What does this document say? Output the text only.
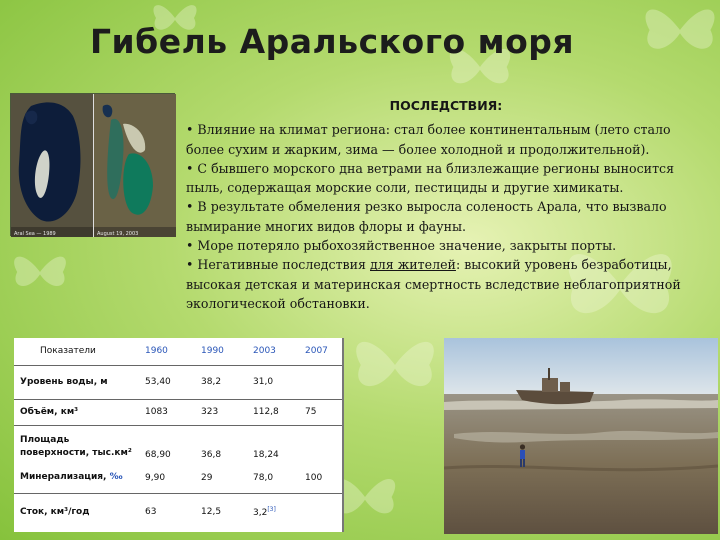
Гибель Аральского моря
Aral Sea — 1989	August 19, 2003
ПОСЛЕДСТВИЯ:

• Влияние на климат региона: стал более континентальным (лето стало более сухим и жарким, зима — более холодной и продолжительной).

• С бывшего морского дна ветрами на близлежащие регионы выносится пыль, содержащая морские соли, пестициды и другие химикаты.

• В результате обмеления резко выросла соленость Арала, что вызвало вымирание многих видов флоры и фауны.

• Море потеряло рыбохозяйственное значение, закрыты порты.

• Негативные последствия для жителей: высокий уровень безработицы, высокая детская и материнская смертность вследствие неблагоприятной экологической обстановки.

Показатели	1960	1990	2003	2007
Уровень воды, м	53,40	38,2	31,0	
Объём, км³	1083	323	112,8	75
Площадь поверхности, тыс.км²	68,90	36,8	18,24	
Минерализация, ‰	9,90	29	78,0	100
Сток, км³/год	63	12,5	3,2[3]	
